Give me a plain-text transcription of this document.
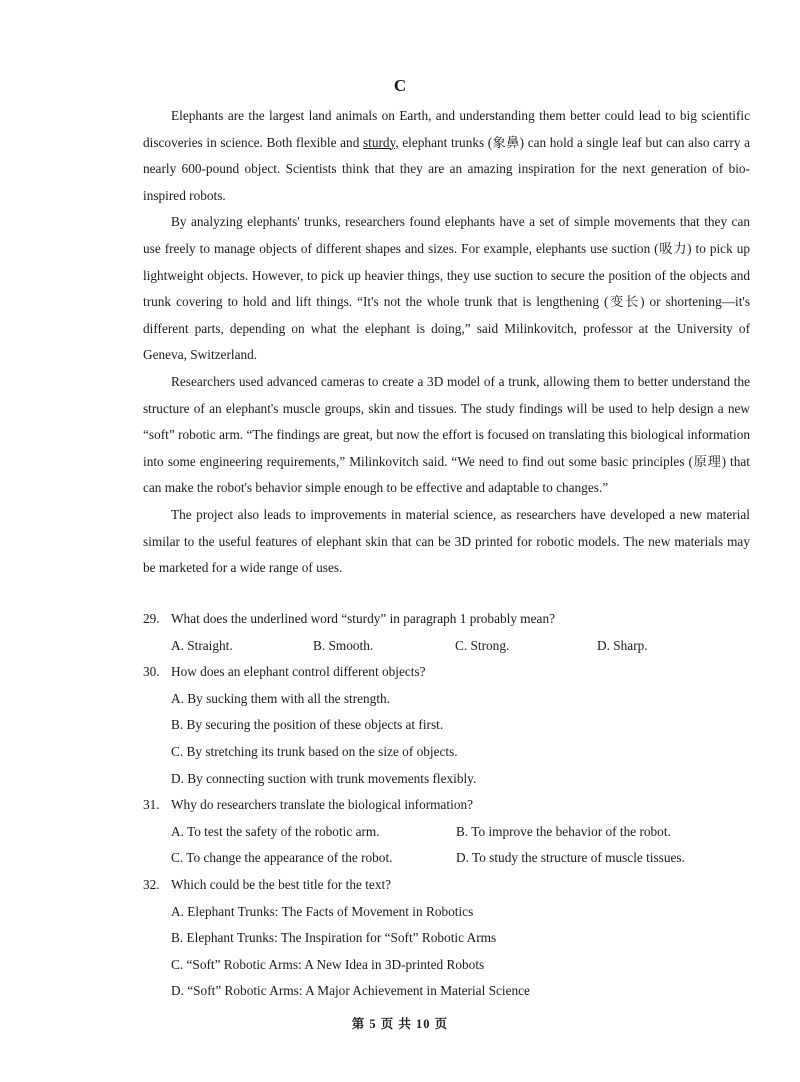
C

Elephants are the largest land animals on Earth, and understanding them better could lead to big scientific discoveries in science. Both flexible and sturdy, elephant trunks (象鼻) can hold a single leaf but can also carry a nearly 600-pound object. Scientists think that they are an amazing inspiration for the next generation of bio-inspired robots.

By analyzing elephants' trunks, researchers found elephants have a set of simple movements that they can use freely to manage objects of different shapes and sizes. For example, elephants use suction (吸力) to pick up lightweight objects. However, to pick up heavier things, they use suction to secure the position of the objects and trunk covering to hold and lift things. “It's not the whole trunk that is lengthening (变长) or shortening—it's different parts, depending on what the elephant is doing,” said Milinkovitch, professor at the University of Geneva, Switzerland.

Researchers used advanced cameras to create a 3D model of a trunk, allowing them to better understand the structure of an elephant's muscle groups, skin and tissues. The study findings will be used to help design a new “soft” robotic arm. “The findings are great, but now the effort is focused on translating this biological information into some engineering requirements,” Milinkovitch said. “We need to find out some basic principles (原理) that can make the robot's behavior simple enough to be effective and adaptable to changes.”

The project also leads to improvements in material science, as researchers have developed a new material similar to the useful features of elephant skin that can be 3D printed for robotic models. The new materials may be marketed for a wide range of uses.

29. What does the underlined word “sturdy” in paragraph 1 probably mean?
A. Straight.	B. Smooth.	C. Strong.	D. Sharp.
30. How does an elephant control different objects?
A. By sucking them with all the strength.
B. By securing the position of these objects at first.
C. By stretching its trunk based on the size of objects.
D. By connecting suction with trunk movements flexibly.
31. Why do researchers translate the biological information?
A. To test the safety of the robotic arm.	B. To improve the behavior of the robot.
C. To change the appearance of the robot.	D. To study the structure of muscle tissues.
32. Which could be the best title for the text?
A. Elephant Trunks: The Facts of Movement in Robotics
B. Elephant Trunks: The Inspiration for “Soft” Robotic Arms
C. “Soft” Robotic Arms: A New Idea in 3D-printed Robots
D. “Soft” Robotic Arms: A Major Achievement in Material Science
第 5 页 共 10 页
